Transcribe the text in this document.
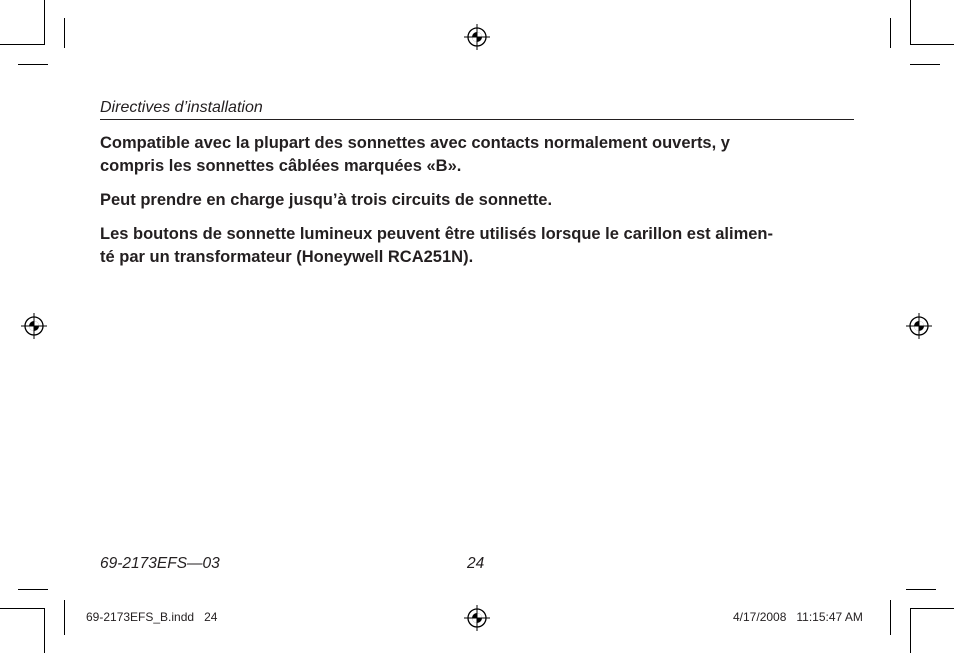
Directives d’installation

Compatible avec la plupart des sonnettes avec contacts normalement ouverts, y
compris les sonnettes câblées marquées «B».

Peut prendre en charge jusqu’à trois circuits de sonnette.

Les boutons de sonnette lumineux peuvent être utilisés lorsque le carillon est alimen-
té par un transformateur (Honeywell RCA251N).

69-2173EFS—03	24
69-2173EFS_B.indd   24	4/17/2008   11:15:47 AM
